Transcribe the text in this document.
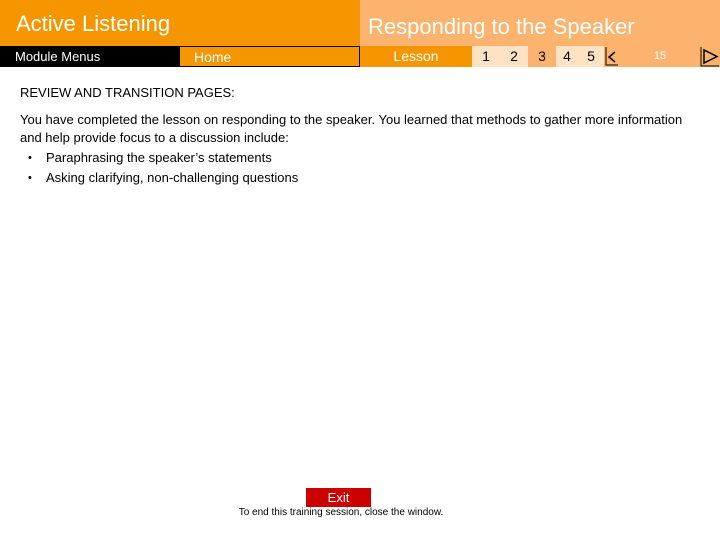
Active Listening	Responding to the Speaker
Module Menus	Home	Lesson	1	2	3	4	5	15

REVIEW AND TRANSITION PAGES:

You have completed the lesson on responding to the speaker. You learned that methods to gather more information and help provide focus to a discussion include:

• Paraphrasing the speaker’s statements
• Asking clarifying, non-challenging questions
Exit
To end this training session, close the window.
